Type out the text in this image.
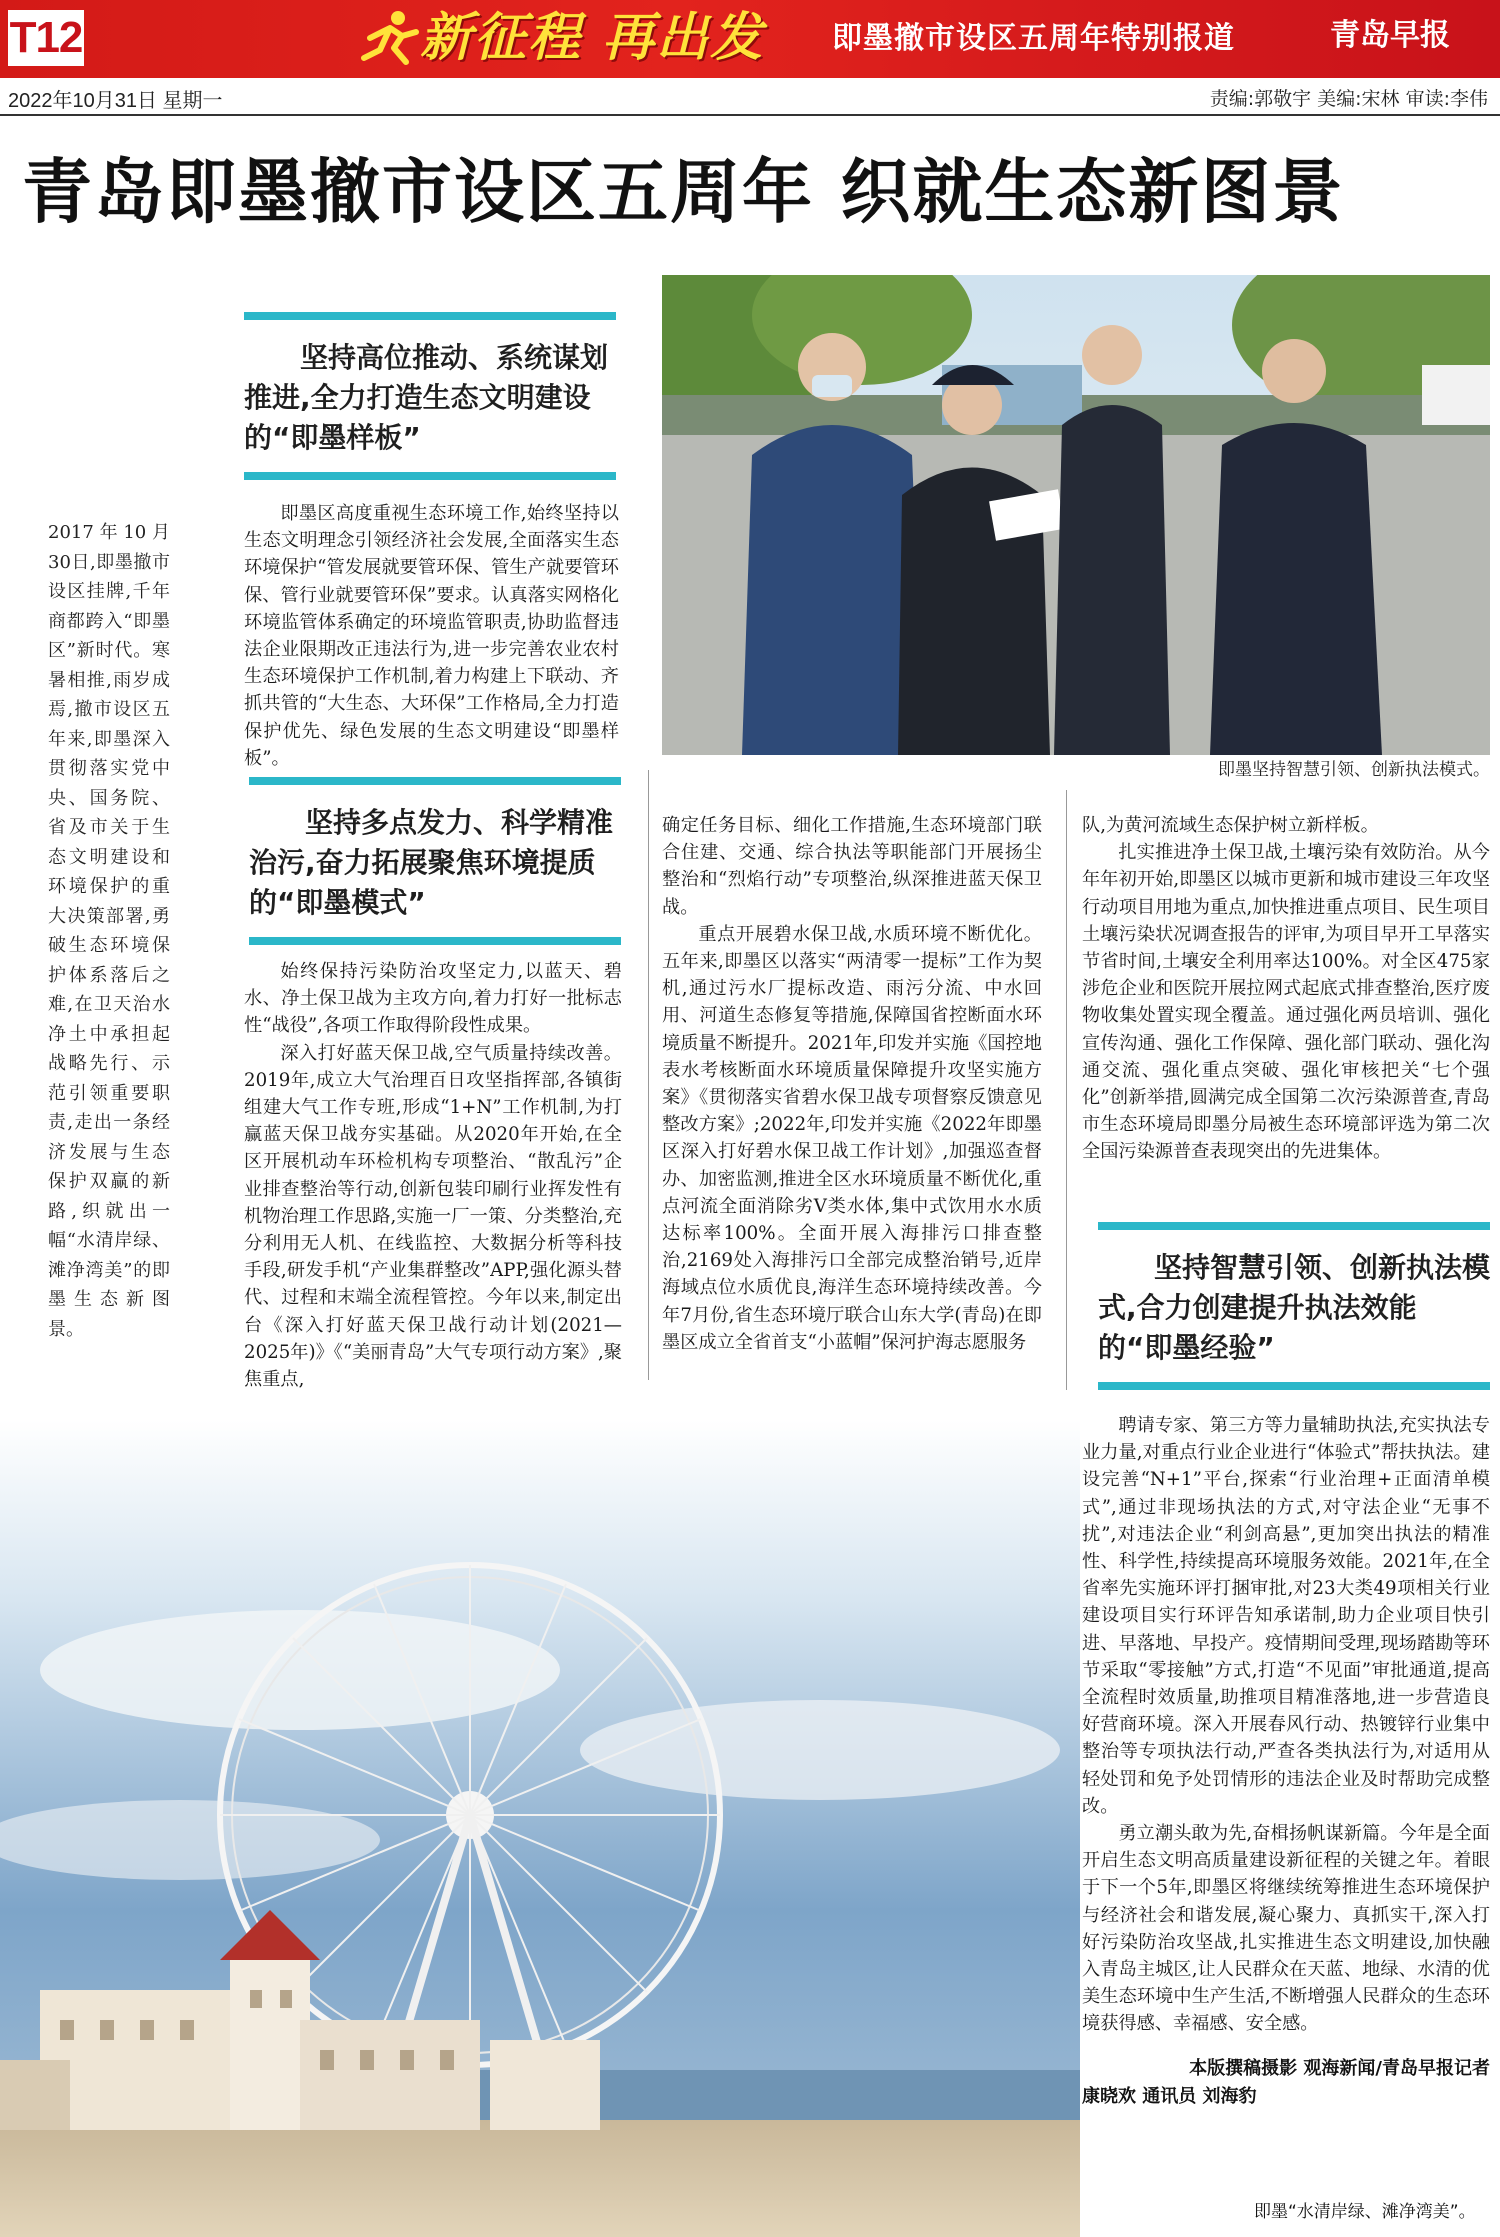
T12	新征程 再出发 即墨撤市设区五周年特别报道	青岛早报
2022年10月31日 星期一	责编:郭敬宇 美编:宋林 审读:李伟
青岛即墨撤市设区五周年 织就生态新图景
2017年10月30日,即墨撤市设区挂牌,千年商都跨入“即墨区”新时代。寒暑相推,雨岁成焉,撤市设区五年来,即墨深入贯彻落实党中央、国务院、省及市关于生态文明建设和环境保护的重大决策部署,勇破生态环境保护体系落后之难,在卫天治水净土中承担起战略先行、示范引领重要职责,走出一条经济发展与生态保护双赢的新路,织就出一幅“水清岸绿、滩净湾美”的即墨生态新图景。
坚持高位推动、系统谋划推进,全力打造生态文明建设的“即墨样板”

即墨区高度重视生态环境工作,始终坚持以生态文明理念引领经济社会发展,全面落实生态环境保护“管发展就要管环保、管生产就要管环保、管行业就要管环保”要求。认真落实网格化环境监管体系确定的环境监管职责,协助监督违法企业限期改正违法行为,进一步完善农业农村生态环境保护工作机制,着力构建上下联动、齐抓共管的“大生态、大环保”工作格局,全力打造保护优先、绿色发展的生态文明建设“即墨样板”。

坚持多点发力、科学精准治污,奋力拓展聚焦环境提质的“即墨模式”

始终保持污染防治攻坚定力,以蓝天、碧水、净土保卫战为主攻方向,着力打好一批标志性“战役”,各项工作取得阶段性成果。

深入打好蓝天保卫战,空气质量持续改善。2019年,成立大气治理百日攻坚指挥部,各镇街组建大气工作专班,形成“1+N”工作机制,为打赢蓝天保卫战夯实基础。从2020年开始,在全区开展机动车环检机构专项整治、“散乱污”企业排查整治等行动,创新包装印刷行业挥发性有机物治理工作思路,实施一厂一策、分类整治,充分利用无人机、在线监控、大数据分析等科技手段,研发手机“产业集群整改”APP,强化源头替代、过程和末端全流程管控。今年以来,制定出台《深入打好蓝天保卫战行动计划(2021—2025年)》《“美丽青岛”大气专项行动方案》,聚焦重点,

即墨坚持智慧引领、创新执法模式。

确定任务目标、细化工作措施,生态环境部门联合住建、交通、综合执法等职能部门开展扬尘整治和“烈焰行动”专项整治,纵深推进蓝天保卫战。

重点开展碧水保卫战,水质环境不断优化。五年来,即墨区以落实“两清零一提标”工作为契机,通过污水厂提标改造、雨污分流、中水回用、河道生态修复等措施,保障国省控断面水环境质量不断提升。2021年,印发并实施《国控地表水考核断面水环境质量保障提升攻坚实施方案》《贯彻落实省碧水保卫战专项督察反馈意见整改方案》;2022年,印发并实施《2022年即墨区深入打好碧水保卫战工作计划》,加强巡查督办、加密监测,推进全区水环境质量不断优化,重点河流全面消除劣V类水体,集中式饮用水水质达标率100%。全面开展入海排污口排查整治,2169处入海排污口全部完成整治销号,近岸海域点位水质优良,海洋生态环境持续改善。今年7月份,省生态环境厅联合山东大学(青岛)在即墨区成立全省首支“小蓝帽”保河护海志愿服务

队,为黄河流域生态保护树立新样板。

扎实推进净土保卫战,土壤污染有效防治。从今年年初开始,即墨区以城市更新和城市建设三年攻坚行动项目用地为重点,加快推进重点项目、民生项目土壤污染状况调查报告的评审,为项目早开工早落实节省时间,土壤安全利用率达100%。对全区475家涉危企业和医院开展拉网式起底式排查整治,医疗废物收集处置实现全覆盖。通过强化两员培训、强化宣传沟通、强化工作保障、强化部门联动、强化沟通交流、强化重点突破、强化审核把关“七个强化”创新举措,圆满完成全国第二次污染源普查,青岛市生态环境局即墨分局被生态环境部评选为第二次全国污染源普查表现突出的先进集体。

坚持智慧引领、创新执法模式,合力创建提升执法效能的“即墨经验”

聘请专家、第三方等力量辅助执法,充实执法专业力量,对重点行业企业进行“体验式”帮扶执法。建设完善“N+1”平台,探索“行业治理+正面清单模式”,通过非现场执法的方式,对守法企业“无事不扰”,对违法企业“利剑高悬”,更加突出执法的精准性、科学性,持续提高环境服务效能。2021年,在全省率先实施环评打捆审批,对23大类49项相关行业建设项目实行环评告知承诺制,助力企业项目快引进、早落地、早投产。疫情期间受理,现场踏勘等环节采取“零接触”方式,打造“不见面”审批通道,提高全流程时效质量,助推项目精准落地,进一步营造良好营商环境。深入开展春风行动、热镀锌行业集中整治等专项执法行动,严查各类执法行为,对适用从轻处罚和免予处罚情形的违法企业及时帮助完成整改。

勇立潮头敢为先,奋楫扬帆谋新篇。今年是全面开启生态文明高质量建设新征程的关键之年。着眼于下一个5年,即墨区将继续统筹推进生态环境保护与经济社会和谐发展,凝心聚力、真抓实干,深入打好污染防治攻坚战,扎实推进生态文明建设,加快融入青岛主城区,让人民群众在天蓝、地绿、水清的优美生态环境中生产生活,不断增强人民群众的生态环境获得感、幸福感、安全感。

本版撰稿摄影 观海新闻/青岛早报记者
康晓欢 通讯员 刘海豹
即墨“水清岸绿、滩净湾美”。
